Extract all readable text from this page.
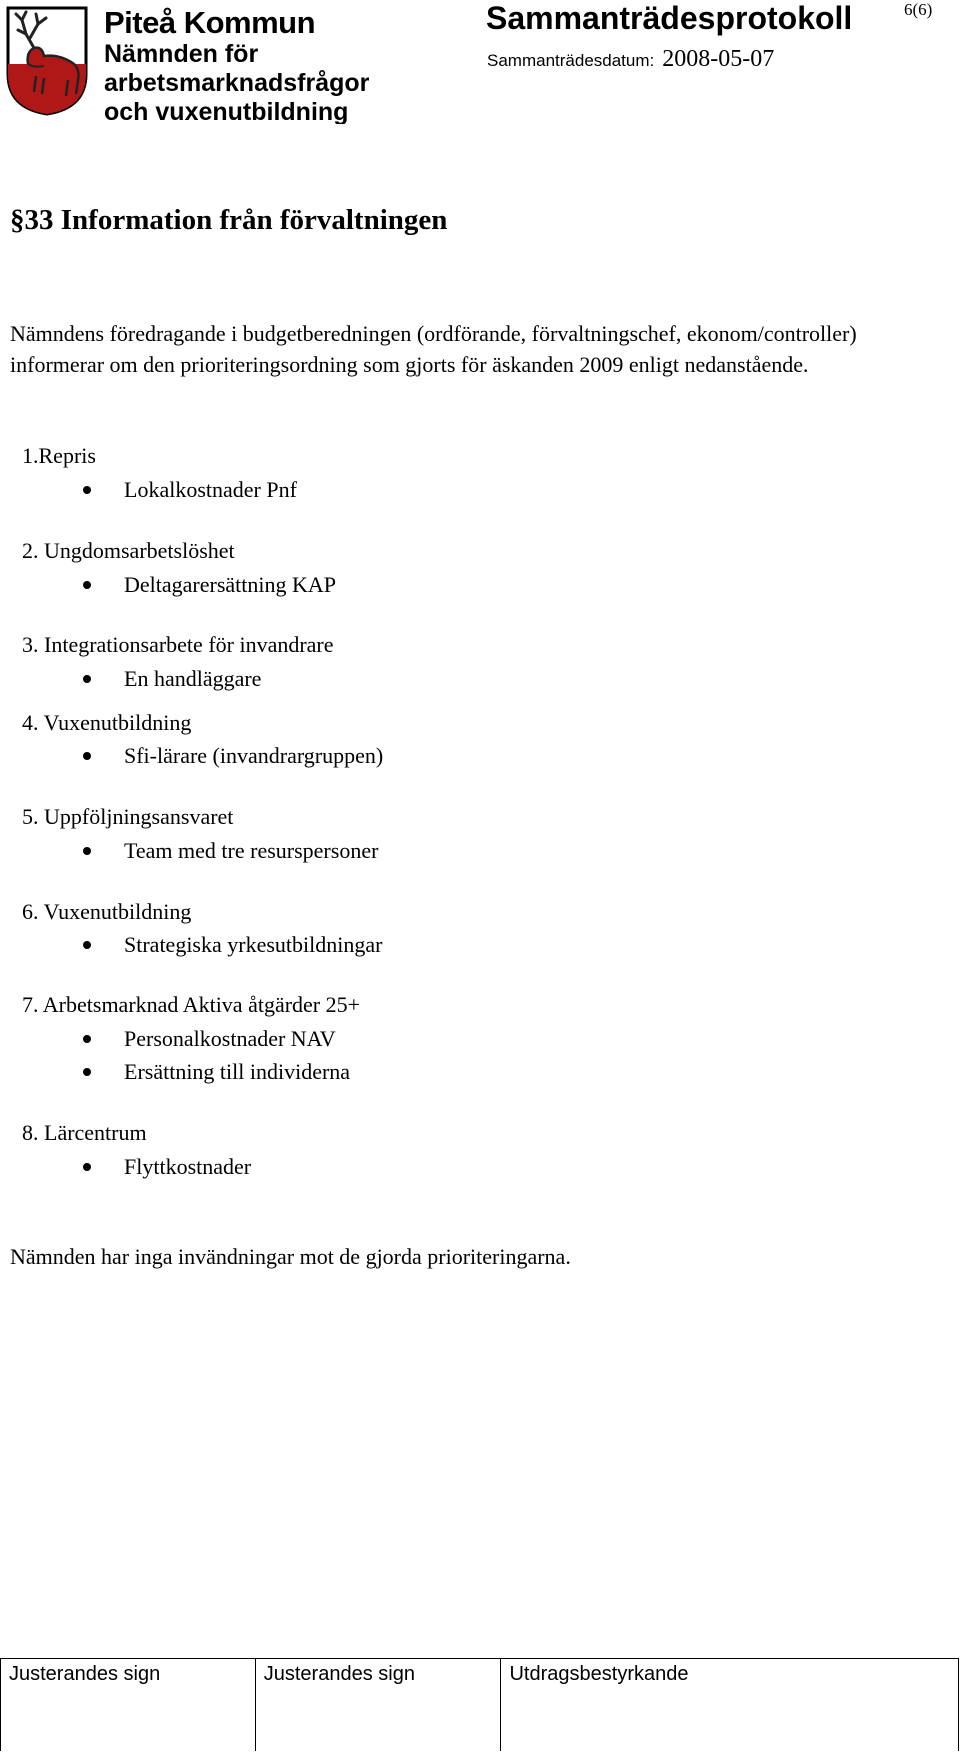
Piteå Kommun
Nämnden för
arbetsmarknadsfrågor
och vuxenutbildning
Sammanträdesprotokoll	6(6)
Sammanträdesdatum: 2008-05-07
§33 Information från förvaltningen
Nämndens föredragande i budgetberedningen (ordförande, förvaltningschef, ekonom/controller) informerar om den prioriteringsordning som gjorts för äskanden 2009 enligt nedanstående.
1.Repris
Lokalkostnader Pnf
2. Ungdomsarbetslöshet
Deltagarersättning KAP
3. Integrationsarbete för invandrare
En handläggare
4. Vuxenutbildning
Sfi-lärare (invandrargruppen)
5. Uppföljningsansvaret
Team med tre resurspersoner
6. Vuxenutbildning
Strategiska yrkesutbildningar
7. Arbetsmarknad Aktiva åtgärder 25+
Personalkostnader NAV
Ersättning till individerna
8. Lärcentrum
Flyttkostnader
Nämnden har inga invändningar mot de gjorda prioriteringarna.
Justerandes sign	Justerandes sign	Utdragsbestyrkande
